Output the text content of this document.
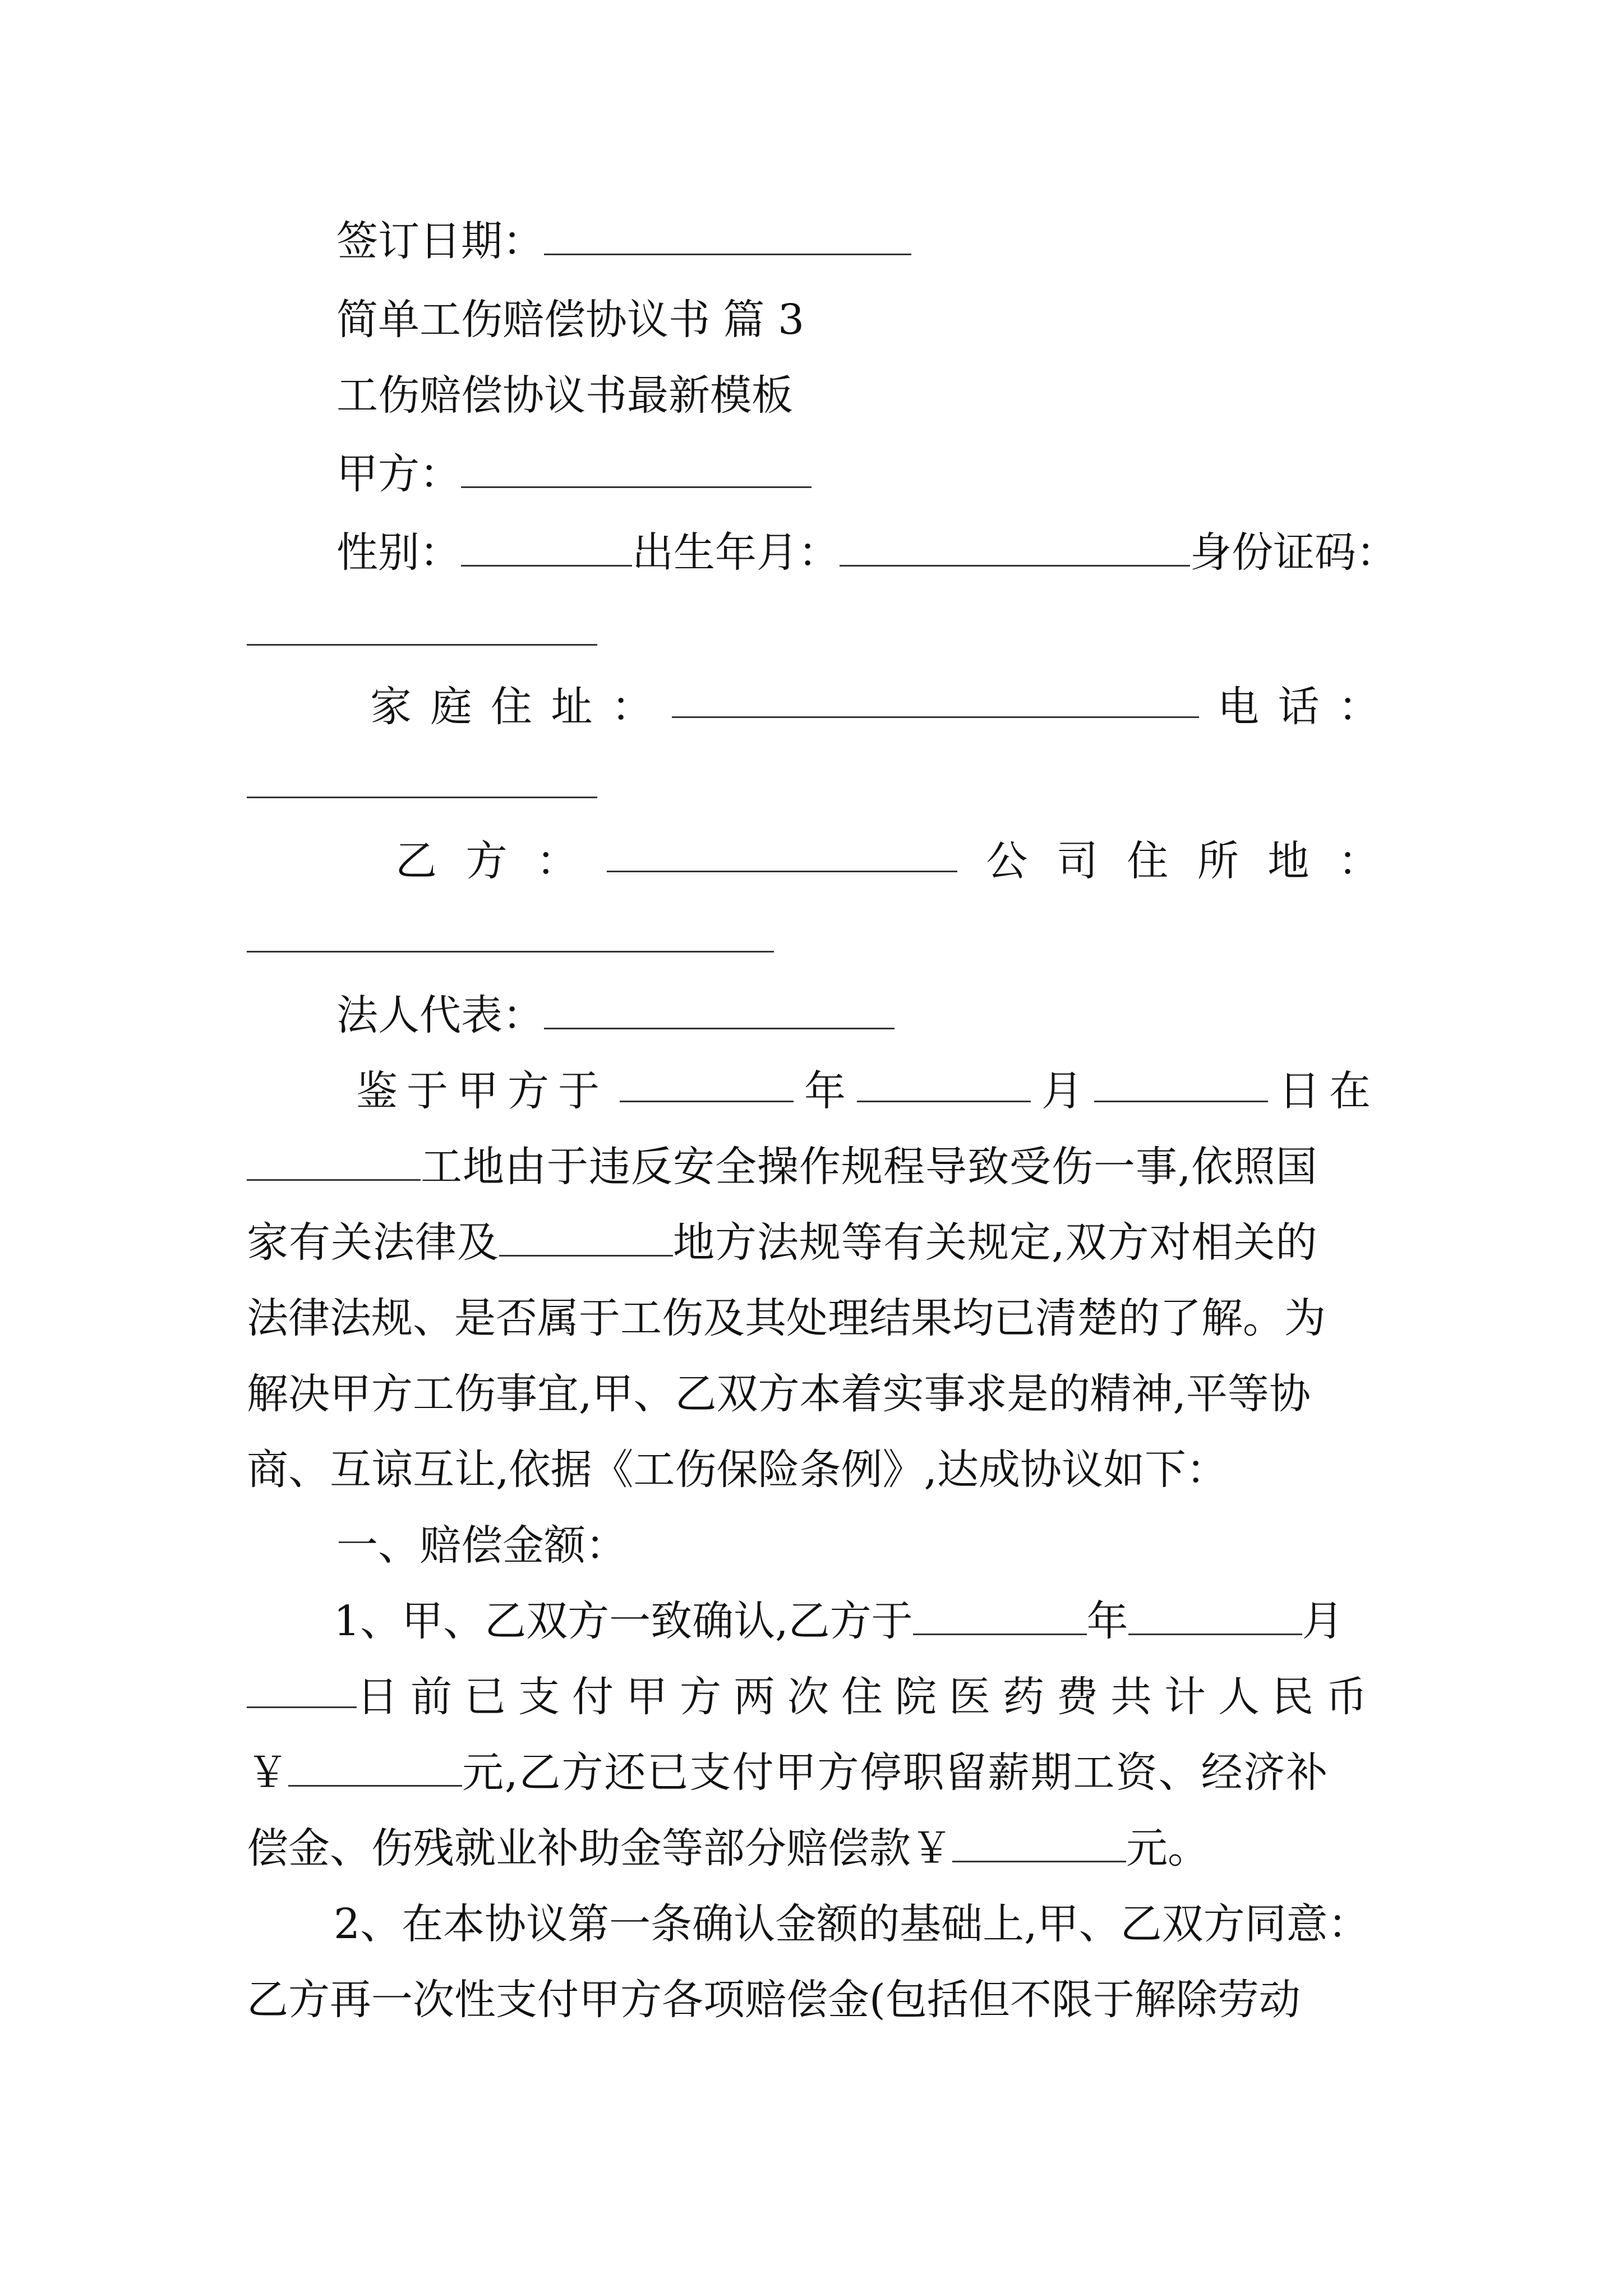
签订日期：
简单工伤赔偿协议书 篇 3
工伤赔偿协议书最新模板
甲方：
性别：	出生年月：	身份证码：
家 庭 住 址 ：	电 话 ：
乙 方 ：	公 司 住 所 地 ：
法人代表：
鉴于甲方于	年	月	日在
工地由于违反安全操作规程导致受伤一事,依照国
家有关法律及	地方法规等有关规定,双方对相关的
法律法规、是否属于工伤及其处理结果均已清楚的了解。为
解决甲方工伤事宜,甲、乙双方本着实事求是的精神,平等协
商、互谅互让,依据《工伤保险条例》,达成协议如下：
一、赔偿金额：
1、甲、乙双方一致确认,乙方于	年	月
日前已支付甲方两次住院医药费共计人民币
￥	元,乙方还已支付甲方停职留薪期工资、经济补
偿金、伤残就业补助金等部分赔偿款￥	元。
2、在本协议第一条确认金额的基础上,甲、乙双方同意：
乙方再一次性支付甲方各项赔偿金(包括但不限于解除劳动
